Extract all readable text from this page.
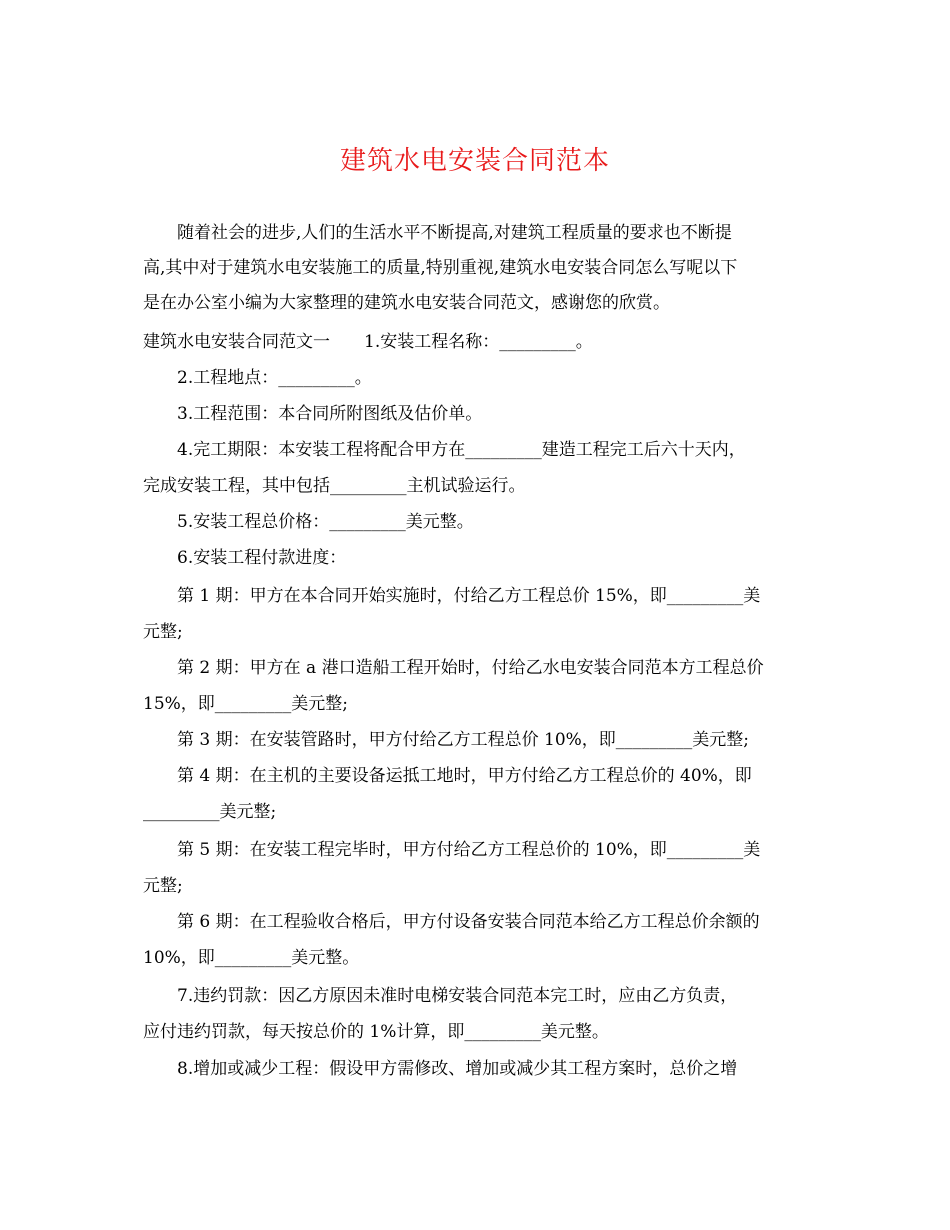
建筑水电安装合同范本
随着社会的进步,人们的生活水平不断提高,对建筑工程质量的要求也不断提
高,其中对于建筑水电安装施工的质量,特别重视,建筑水电安装合同怎么写呢以下
是在办公室小编为大家整理的建筑水电安装合同范文，感谢您的欣赏。
建筑水电安装合同范文一　　1.安装工程名称：_________。
2.工程地点：_________。
3.工程范围：本合同所附图纸及估价单。
4.完工期限：本安装工程将配合甲方在_________建造工程完工后六十天内，
完成安装工程，其中包括_________主机试验运行。
5.安装工程总价格：_________美元整。
6.安装工程付款进度：
第 1 期：甲方在本合同开始实施时，付给乙方工程总价 15%，即_________美
元整;
第 2 期：甲方在 a 港口造船工程开始时，付给乙水电安装合同范本方工程总价
15%，即_________美元整;
第 3 期：在安装管路时，甲方付给乙方工程总价 10%，即_________美元整;
第 4 期：在主机的主要设备运抵工地时，甲方付给乙方工程总价的 40%，即
_________美元整;
第 5 期：在安装工程完毕时，甲方付给乙方工程总价的 10%，即_________美
元整;
第 6 期：在工程验收合格后，甲方付设备安装合同范本给乙方工程总价余额的
10%，即_________美元整。
7.违约罚款：因乙方原因未准时电梯安装合同范本完工时，应由乙方负责，
应付违约罚款，每天按总价的 1%计算，即_________美元整。
8.增加或减少工程：假设甲方需修改、增加或减少其工程方案时，总价之增
